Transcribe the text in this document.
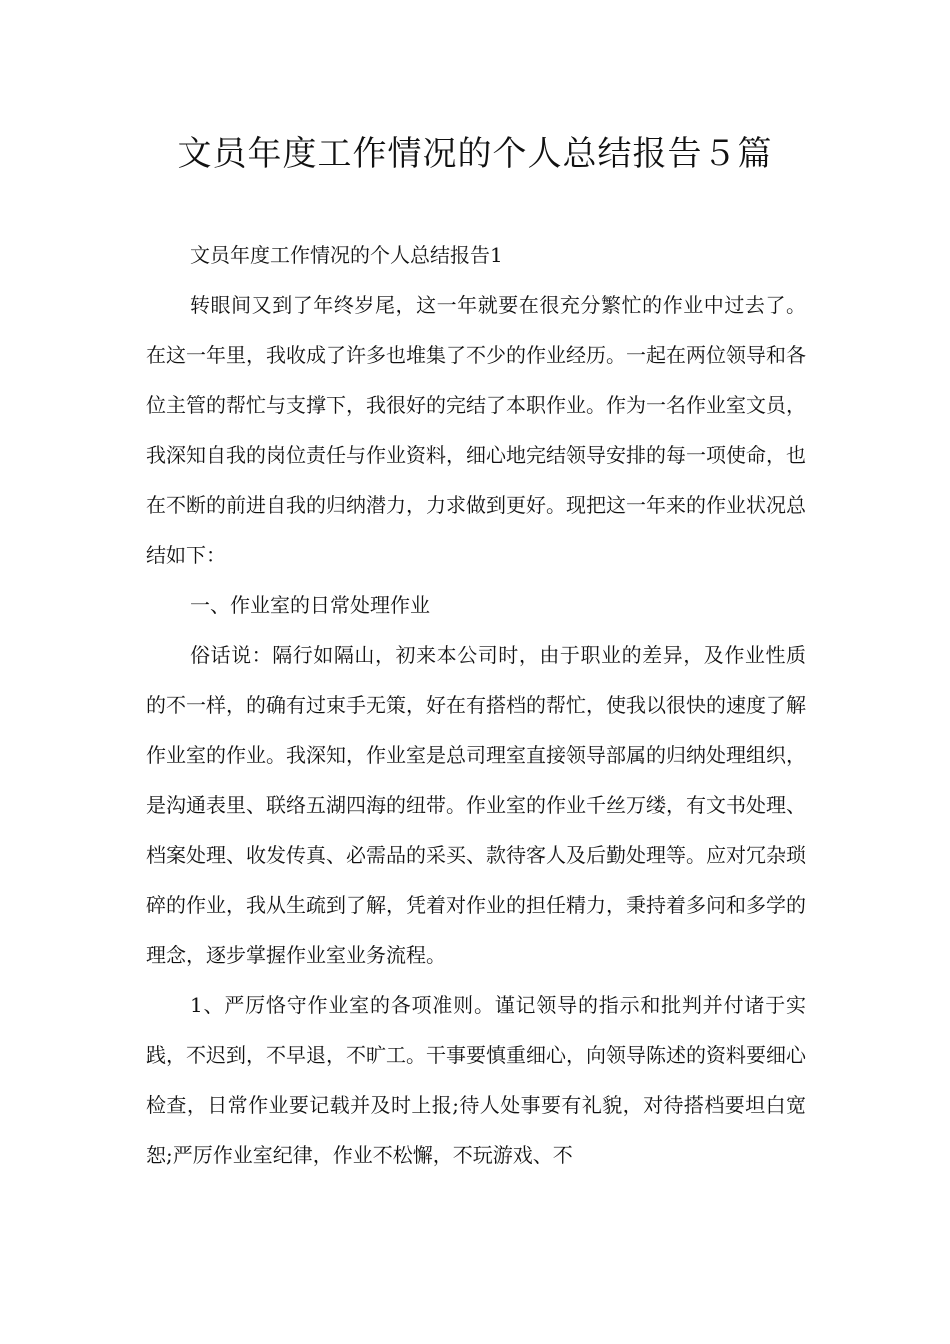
文员年度工作情况的个人总结报告５篇

文员年度工作情况的个人总结报告1

转眼间又到了年终岁尾，这一年就要在很充分繁忙的作业中过去了。在这一年里，我收成了许多也堆集了不少的作业经历。一起在两位领导和各位主管的帮忙与支撑下，我很好的完结了本职作业。作为一名作业室文员，我深知自我的岗位责任与作业资料，细心地完结领导安排的每一项使命，也在不断的前进自我的归纳潜力，力求做到更好。现把这一年来的作业状况总结如下：

一、作业室的日常处理作业

俗话说：隔行如隔山，初来本公司时，由于职业的差异，及作业性质的不一样，的确有过束手无策，好在有搭档的帮忙，使我以很快的速度了解作业室的作业。我深知，作业室是总司理室直接领导部属的归纳处理组织，是沟通表里、联络五湖四海的纽带。作业室的作业千丝万缕，有文书处理、档案处理、收发传真、必需品的采买、款待客人及后勤处理等。应对冗杂琐碎的作业，我从生疏到了解，凭着对作业的担任精力，秉持着多问和多学的理念，逐步掌握作业室业务流程。

1、严厉恪守作业室的各项准则。谨记领导的指示和批判并付诸于实践，不迟到，不早退，不旷工。干事要慎重细心，向领导陈述的资料要细心检查，日常作业要记载并及时上报;待人处事要有礼貌，对待搭档要坦白宽恕;严厉作业室纪律，作业不松懈，不玩游戏、不
